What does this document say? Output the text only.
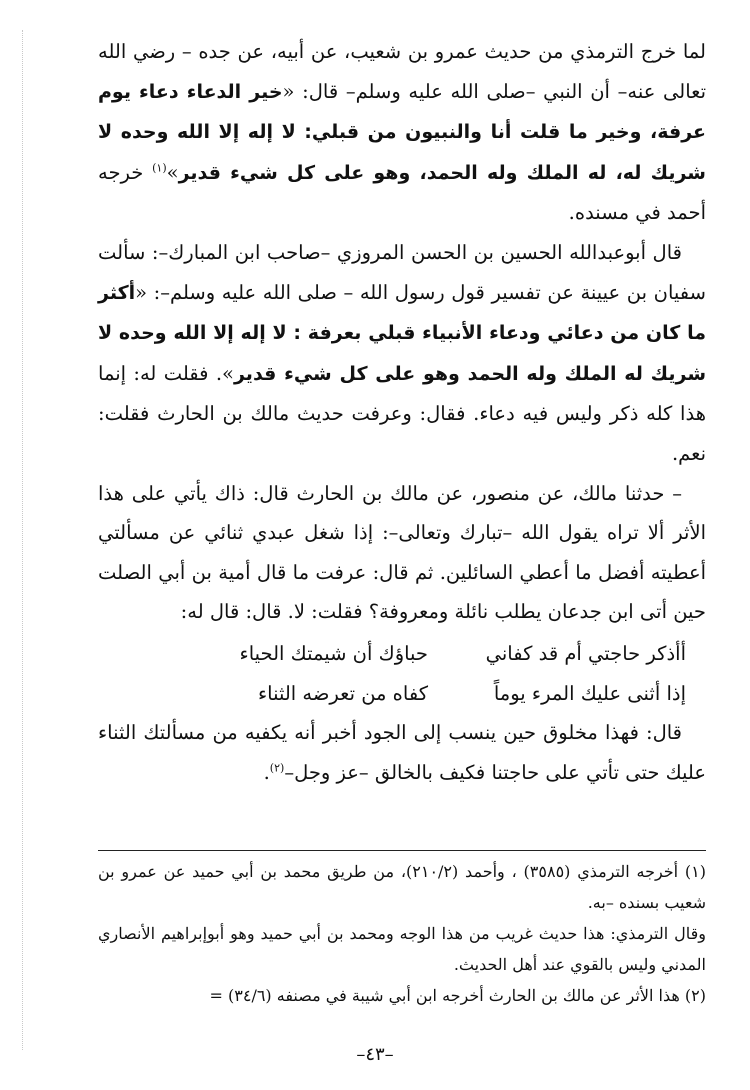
لما خرج الترمذي من حديث عمرو بن شعيب، عن أبيه، عن جده – رضي الله تعالى عنه– أن النبي –صلى الله عليه وسلم– قال: «خير الدعاء دعاء يوم عرفة، وخير ما قلت أنا والنبيون من قبلي: لا إله إلا الله وحده لا شريك له، له الملك وله الحمد، وهو على كل شيء قدير»$^{(١)}$ خرجه أحمد في مسنده.

قال أبوعبدالله الحسين بن الحسن المروزي –صاحب ابن المبارك–: سألت سفيان بن عيينة عن تفسير قول رسول الله – صلى الله عليه وسلم–: «أكثر ما كان من دعائي ودعاء الأنبياء قبلي بعرفة : لا إله إلا الله وحده لا شريك له الملك وله الحمد وهو على كل شيء قدير». فقلت له: إنما هذا كله ذكر وليس فيه دعاء. فقال: وعرفت حديث مالك بن الحارث فقلت: نعم.

– حدثنا مالك، عن منصور، عن مالك بن الحارث قال: ذاك يأتي على هذا الأثر ألا تراه يقول الله –تبارك وتعالى–: إذا شغل عبدي ثنائي عن مسألتي أعطيته أفضل ما أعطي السائلين. ثم قال: عرفت ما قال أمية بن أبي الصلت حين أتى ابن جدعان يطلب نائلة ومعروفة؟ فقلت: لا. قال: قال له:

أأذكر حاجتي أم قد كفاني
حباؤك أن شيمتك الحياء
إذا أثنى عليك المرء يوماً
كفاه من تعرضه الثناء

قال: فهذا مخلوق حين ينسب إلى الجود أخبر أنه يكفيه من مسألتك الثناء عليك حتى تأتي على حاجتنا فكيف بالخالق –عز وجل–$^{(٢)}$.

(١) أخرجه الترمذي (٣٥٨٥) ، وأحمد (٢١٠/٢)، من طريق محمد بن أبي حميد عن عمرو بن شعيب بسنده –به.

وقال الترمذي: هذا حديث غريب من هذا الوجه ومحمد بن أبي حميد وهو أبوإبراهيم الأنصاري المدني وليس بالقوي عند أهل الحديث.

(٢) هذا الأثر عن مالك بن الحارث أخرجه ابن أبي شيبة في مصنفه (٣٤/٦) =

–٤٣–
